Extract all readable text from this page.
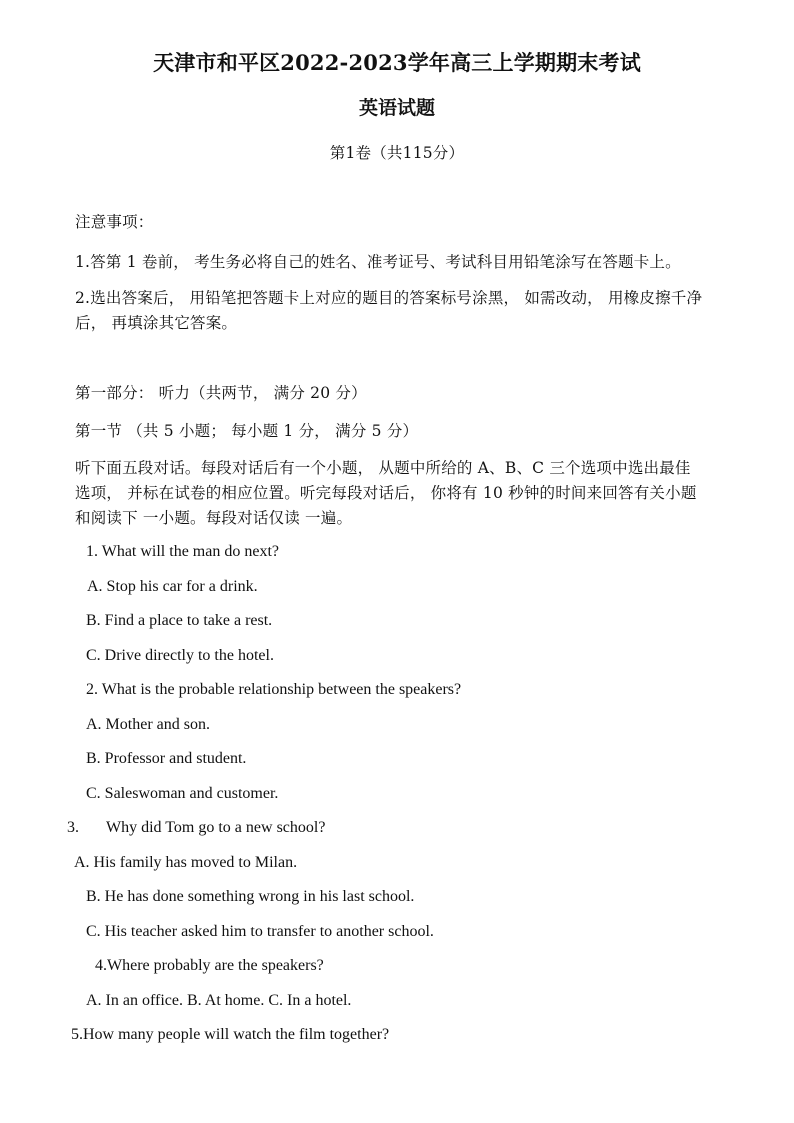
天津市和平区2022-2023学年高三上学期期末考试
英语试题
第1卷（共115分）
注意事项：
1.答第 1 卷前， 考生务必将自己的姓名、准考证号、考试科目用铅笔涂写在答题卡上。
2.选出答案后， 用铅笔把答题卡上对应的题目的答案标号涂黑， 如需改动， 用橡皮擦千净
后， 再填涂其它答案。
第一部分： 听力（共两节， 满分 20 分）
第一节 （共 5 小题； 每小题 1 分， 满分 5 分）
听下面五段对话。每段对话后有一个小题， 从题中所给的 A、B、C 三个选项中选出最佳
选项， 并标在试卷的相应位置。听完每段对话后， 你将有 10 秒钟的时间来回答有关小题
和阅读下 一小题。每段对话仅读 一遍。
1. What will the man do next?
A. Stop his car for a drink.
B. Find a place to take a rest.
C. Drive directly to the hotel.
2. What is the probable relationship between the speakers?
A. Mother and son.
B. Professor and student.
C. Saleswoman and customer.
3. Why did Tom go to a new school?
A. His family has moved to Milan.
B. He has done something wrong in his last school.
C. His teacher asked him to transfer to another school.
4.Where probably are the speakers?
A. In an office. B. At home. C. In a hotel.
5.How many people will watch the film together?
